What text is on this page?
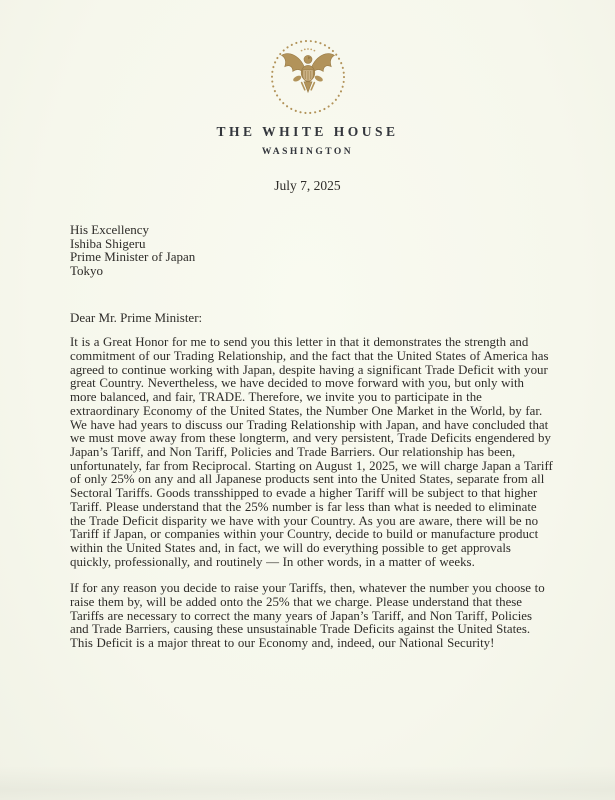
THE WHITE HOUSE
WASHINGTON
July 7, 2025
His Excellency
Ishiba Shigeru
Prime Minister of Japan
Tokyo
Dear Mr. Prime Minister:

It is a Great Honor for me to send you this letter in that it demonstrates the strength and commitment of our Trading Relationship, and the fact that the United States of America has agreed to continue working with Japan, despite having a significant Trade Deficit with your great Country. Nevertheless, we have decided to move forward with you, but only with more balanced, and fair, TRADE. Therefore, we invite you to participate in the extraordinary Economy of the United States, the Number One Market in the World, by far. We have had years to discuss our Trading Relationship with Japan, and have concluded that we must move away from these longterm, and very persistent, Trade Deficits engendered by Japan’s Tariff, and Non Tariff, Policies and Trade Barriers. Our relationship has been, unfortunately, far from Reciprocal. Starting on August 1, 2025, we will charge Japan a Tariff of only 25% on any and all Japanese products sent into the United States, separate from all Sectoral Tariffs. Goods transshipped to evade a higher Tariff will be subject to that higher Tariff. Please understand that the 25% number is far less than what is needed to eliminate the Trade Deficit disparity we have with your Country. As you are aware, there will be no Tariff if Japan, or companies within your Country, decide to build or manufacture product within the United States and, in fact, we will do everything possible to get approvals quickly, professionally, and routinely — In other words, in a matter of weeks.

If for any reason you decide to raise your Tariffs, then, whatever the number you choose to raise them by, will be added onto the 25% that we charge. Please understand that these Tariffs are necessary to correct the many years of Japan’s Tariff, and Non Tariff, Policies and Trade Barriers, causing these unsustainable Trade Deficits against the United States. This Deficit is a major threat to our Economy and, indeed, our National Security!
